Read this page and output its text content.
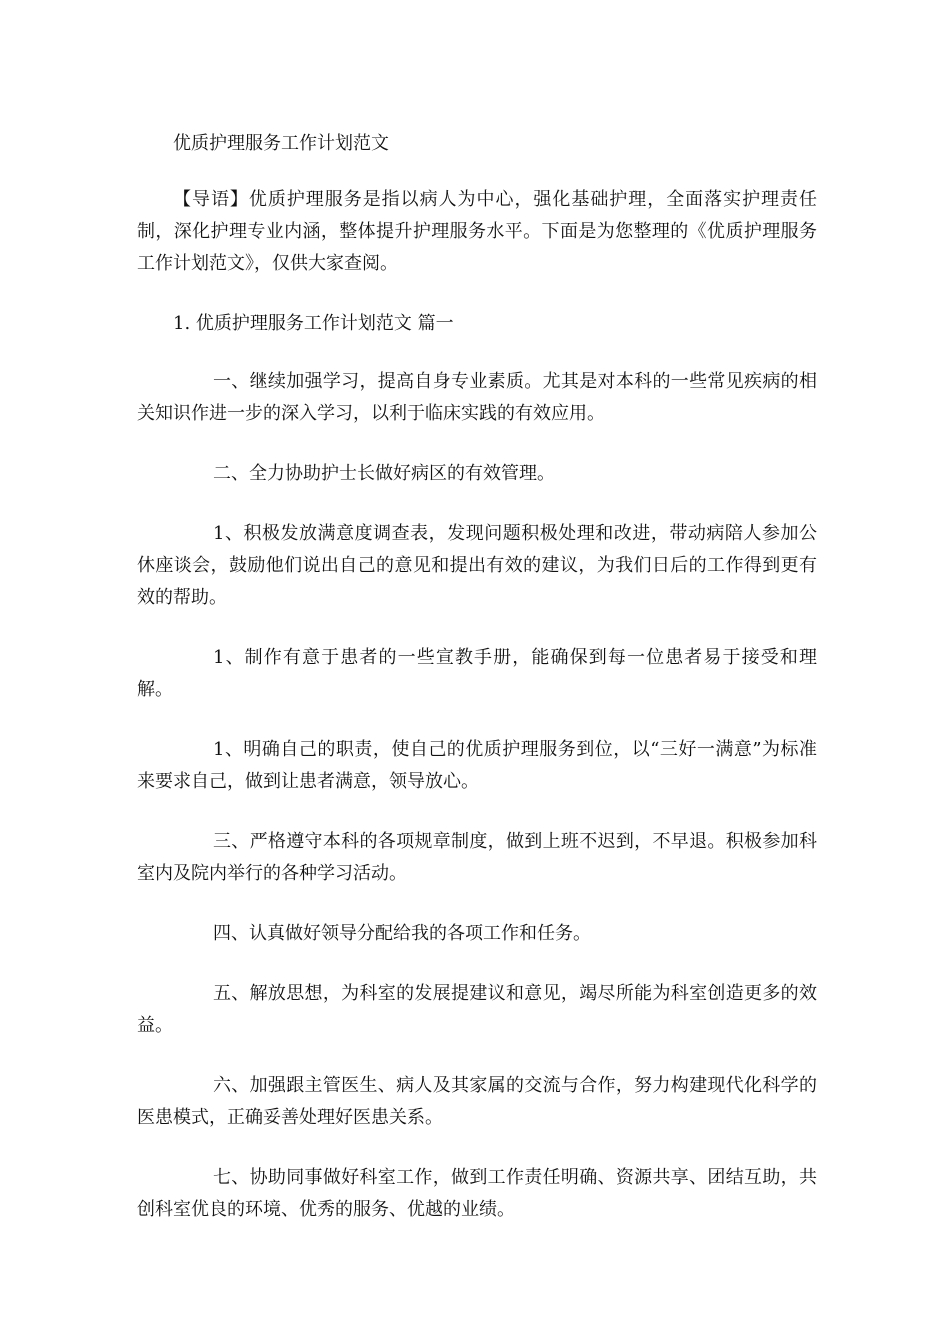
优质护理服务工作计划范文

【导语】优质护理服务是指以病人为中心，强化基础护理，全面落实护理责任制，深化护理专业内涵，整体提升护理服务水平。下面是为您整理的《优质护理服务工作计划范文》，仅供大家查阅。

1. 优质护理服务工作计划范文 篇一

一、继续加强学习，提高自身专业素质。尤其是对本科的一些常见疾病的相关知识作进一步的深入学习，以利于临床实践的有效应用。

二、全力协助护士长做好病区的有效管理。

1、积极发放满意度调查表，发现问题积极处理和改进，带动病陪人参加公休座谈会，鼓励他们说出自己的意见和提出有效的建议，为我们日后的工作得到更有效的帮助。

1、制作有意于患者的一些宣教手册，能确保到每一位患者易于接受和理解。

1、明确自己的职责，使自己的优质护理服务到位，以“三好一满意”为标准来要求自己，做到让患者满意，领导放心。

三、严格遵守本科的各项规章制度，做到上班不迟到，不早退。积极参加科室内及院内举行的各种学习活动。

四、认真做好领导分配给我的各项工作和任务。

五、解放思想，为科室的发展提建议和意见，竭尽所能为科室创造更多的效益。

六、加强跟主管医生、病人及其家属的交流与合作，努力构建现代化科学的医患模式，正确妥善处理好医患关系。

七、协助同事做好科室工作，做到工作责任明确、资源共享、团结互助，共创科室优良的环境、优秀的服务、优越的业绩。
